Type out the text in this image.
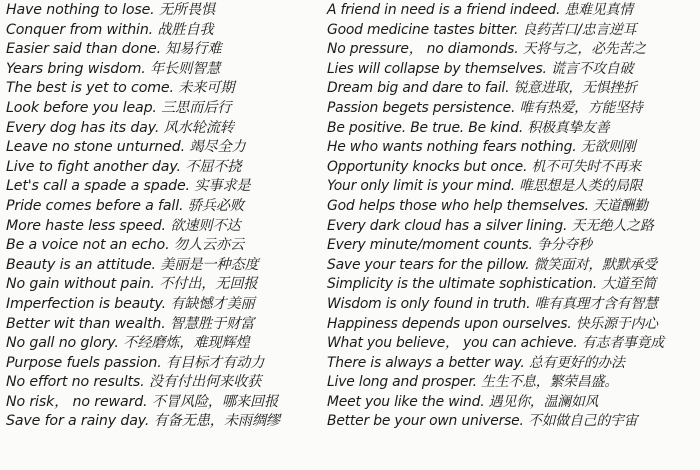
Have nothing to lose. 无所畏惧
Conquer from within. 战胜自我
Easier said than done. 知易行难
Years bring wisdom. 年长则智慧
The best is yet to come. 未来可期
Look before you leap. 三思而后行
Every dog has its day. 风水轮流转
Leave no stone unturned. 竭尽全力
Live to fight another day. 不屈不挠
Let's call a spade a spade. 实事求是
Pride comes before a fall. 骄兵必败
More haste less speed. 欲速则不达
Be a voice not an echo. 勿人云亦云
Beauty is an attitude. 美丽是一种态度
No gain without pain. 不付出，无回报
Imperfection is beauty. 有缺憾才美丽
Better wit than wealth. 智慧胜于财富
No gall no glory. 不经磨炼，难现辉煌
Purpose fuels passion. 有目标才有动力
No effort no results. 没有付出何来收获
No risk， no reward. 不冒风险，哪来回报
Save for a rainy day. 有备无患，未雨绸缪
A friend in need is a friend indeed. 患难见真情
Good medicine tastes bitter. 良药苦口/忠言逆耳
No pressure， no diamonds. 天将与之，必先苦之
Lies will collapse by themselves. 谎言不攻自破
Dream big and dare to fail. 锐意进取，无惧挫折
Passion begets persistence. 唯有热爱，方能坚持
Be positive. Be true. Be kind. 积极真挚友善
He who wants nothing fears nothing. 无欲则刚
Opportunity knocks but once. 机不可失时不再来
Your only limit is your mind. 唯思想是人类的局限
God helps those who help themselves. 天道酬勤
Every dark cloud has a silver lining. 天无绝人之路
Every minute/moment counts. 争分夺秒
Save your tears for the pillow. 微笑面对，默默承受
Simplicity is the ultimate sophistication. 大道至简
Wisdom is only found in truth. 唯有真理才含有智慧
Happiness depends upon ourselves. 快乐源于内心
What you believe， you can achieve. 有志者事竟成
There is always a better way. 总有更好的办法
Live long and prosper. 生生不息，繁荣昌盛。
Meet you like the wind. 遇见你，温澜如风
Better be your own universe. 不如做自己的宇宙
